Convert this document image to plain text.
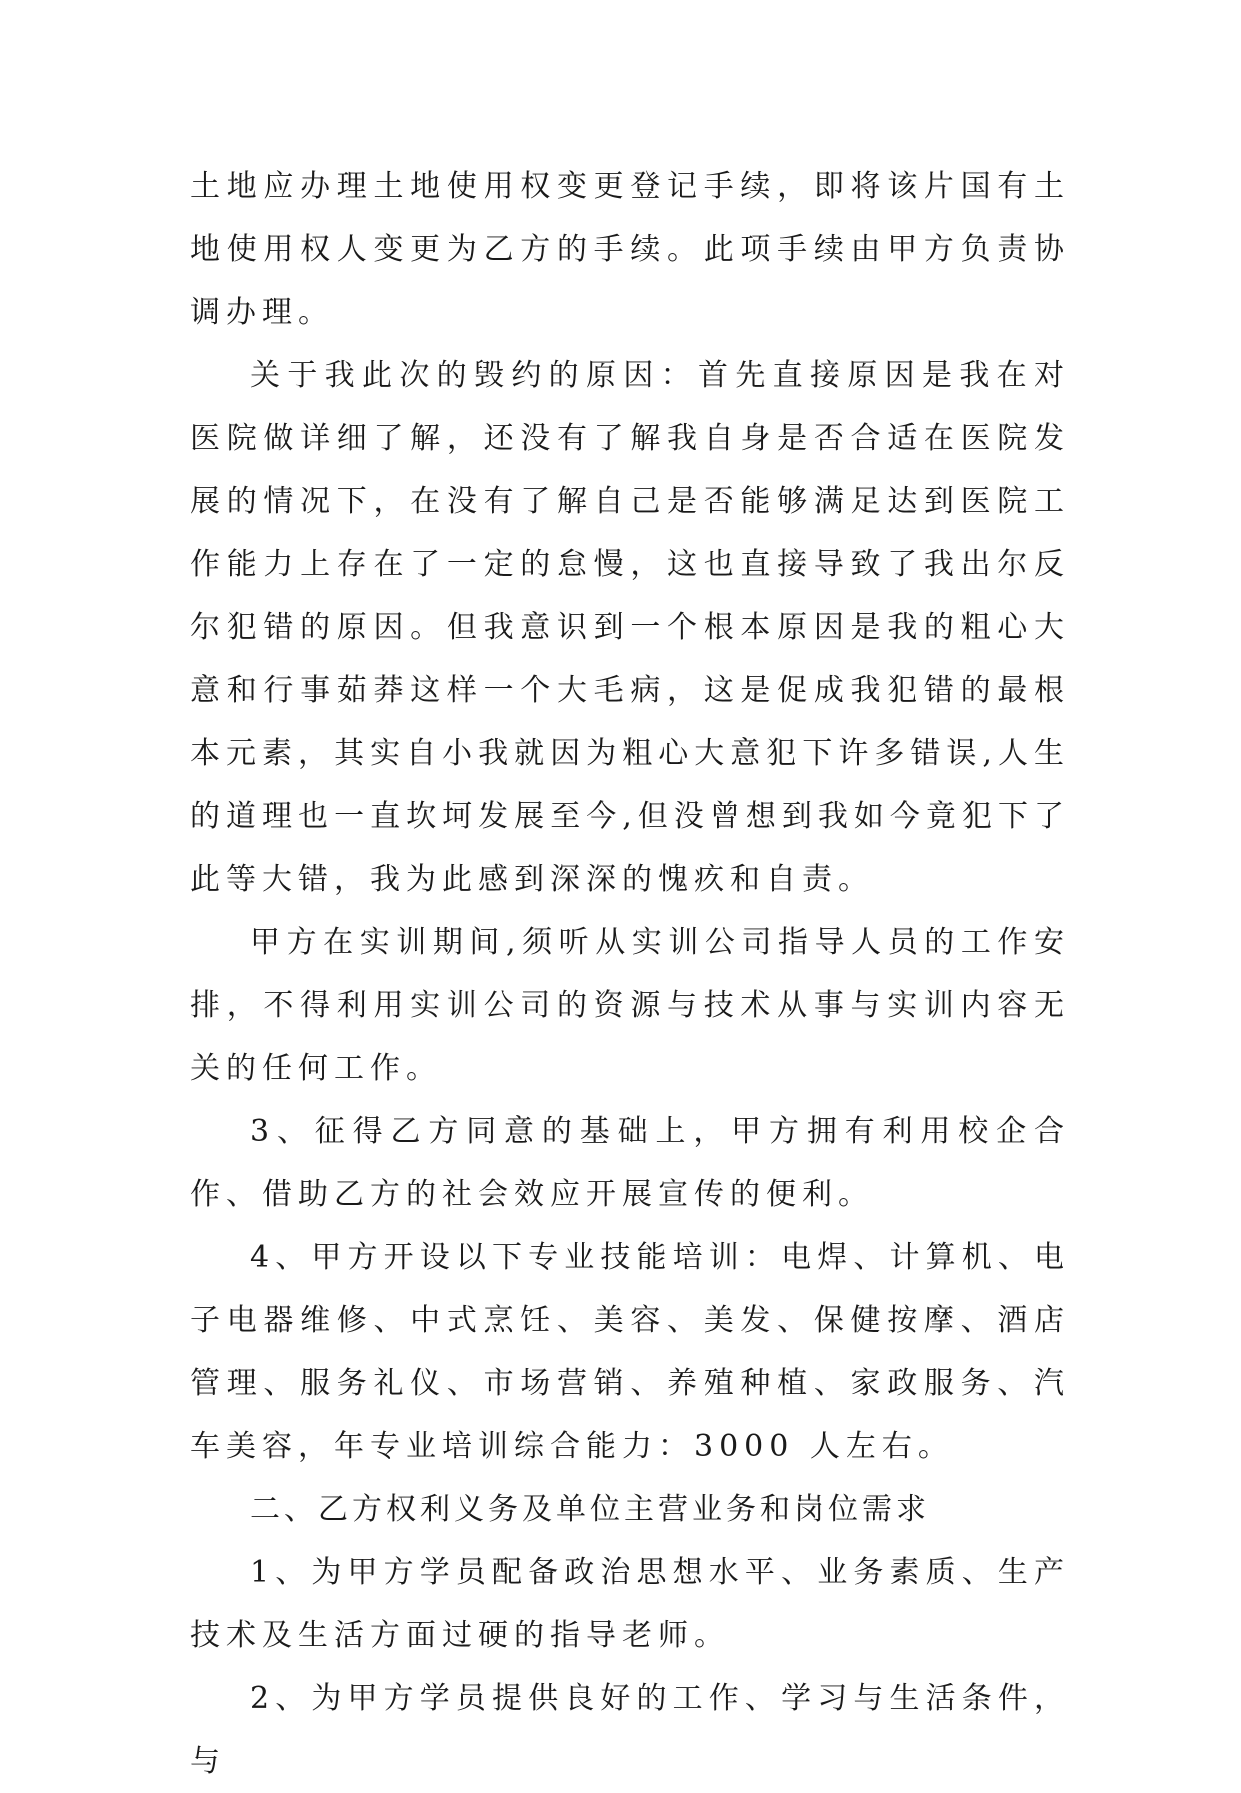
土地应办理土地使用权变更登记手续，即将该片国有土地使用权人变更为乙方的手续。此项手续由甲方负责协调办理。

关于我此次的毁约的原因：首先直接原因是我在对医院做详细了解，还没有了解我自身是否合适在医院发展的情况下，在没有了解自己是否能够满足达到医院工作能力上存在了一定的怠慢，这也直接导致了我出尔反尔犯错的原因。但我意识到一个根本原因是我的粗心大意和行事茹莽这样一个大毛病，这是促成我犯错的最根本元素，其实自小我就因为粗心大意犯下许多错误,人生的道理也一直坎坷发展至今,但没曾想到我如今竟犯下了此等大错，我为此感到深深的愧疚和自责。

甲方在实训期间,须听从实训公司指导人员的工作安排，不得利用实训公司的资源与技术从事与实训内容无关的任何工作。

3、征得乙方同意的基础上，甲方拥有利用校企合作、借助乙方的社会效应开展宣传的便利。

4、甲方开设以下专业技能培训：电焊、计算机、电子电器维修、中式烹饪、美容、美发、保健按摩、酒店管理、服务礼仪、市场营销、养殖种植、家政服务、汽车美容，年专业培训综合能力：3000 人左右。

二、乙方权利义务及单位主营业务和岗位需求

1、为甲方学员配备政治思想水平、业务素质、生产技术及生活方面过硬的指导老师。

2、为甲方学员提供良好的工作、学习与生活条件，与
